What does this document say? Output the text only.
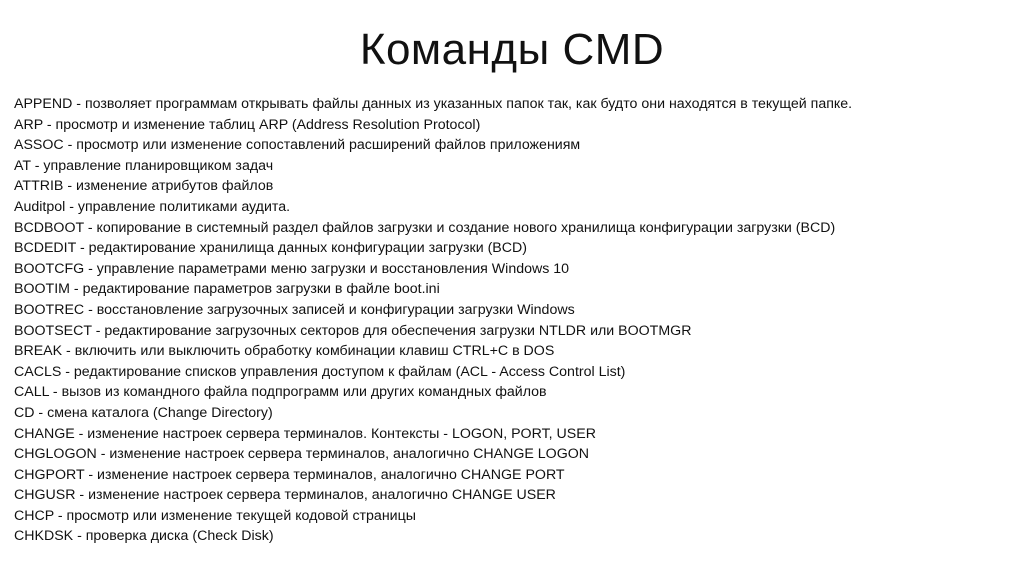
Команды CMD
APPEND - позволяет программам открывать файлы данных из указанных папок так, как будто они находятся в текущей папке.
ARP - просмотр и изменение таблиц ARP (Address Resolution Protocol)
ASSOC - просмотр или изменение сопоставлений расширений файлов приложениям
AT - управление планировщиком задач
ATTRIB - изменение атрибутов файлов
Auditpol - управление политиками аудита.
BCDBOOT - копирование в системный раздел файлов загрузки и создание нового хранилища конфигурации загрузки (BCD)
BCDEDIT - редактирование хранилища данных конфигурации загрузки (BCD)
BOOTCFG - управление параметрами меню загрузки и восстановления Windows 10
BOOTIM - редактирование параметров загрузки в файле boot.ini
BOOTREC - восстановление загрузочных записей и конфигурации загрузки Windows
BOOTSECT - редактирование загрузочных секторов для обеспечения загрузки NTLDR или BOOTMGR
BREAK - включить или выключить обработку комбинации клавиш CTRL+C в DOS
CACLS - редактирование списков управления доступом к файлам (ACL - Access Control List)
CALL - вызов из командного файла подпрограмм или других командных файлов
CD - смена каталога (Change Directory)
CHANGE - изменение настроек сервера терминалов. Контексты - LOGON, PORT, USER
CHGLOGON - изменение настроек сервера терминалов, аналогично CHANGE LOGON
CHGPORT - изменение настроек сервера терминалов, аналогично CHANGE PORT
CHGUSR - изменение настроек сервера терминалов, аналогично CHANGE USER
CHCP - просмотр или изменение текущей кодовой страницы
CHKDSK - проверка диска (Check Disk)
